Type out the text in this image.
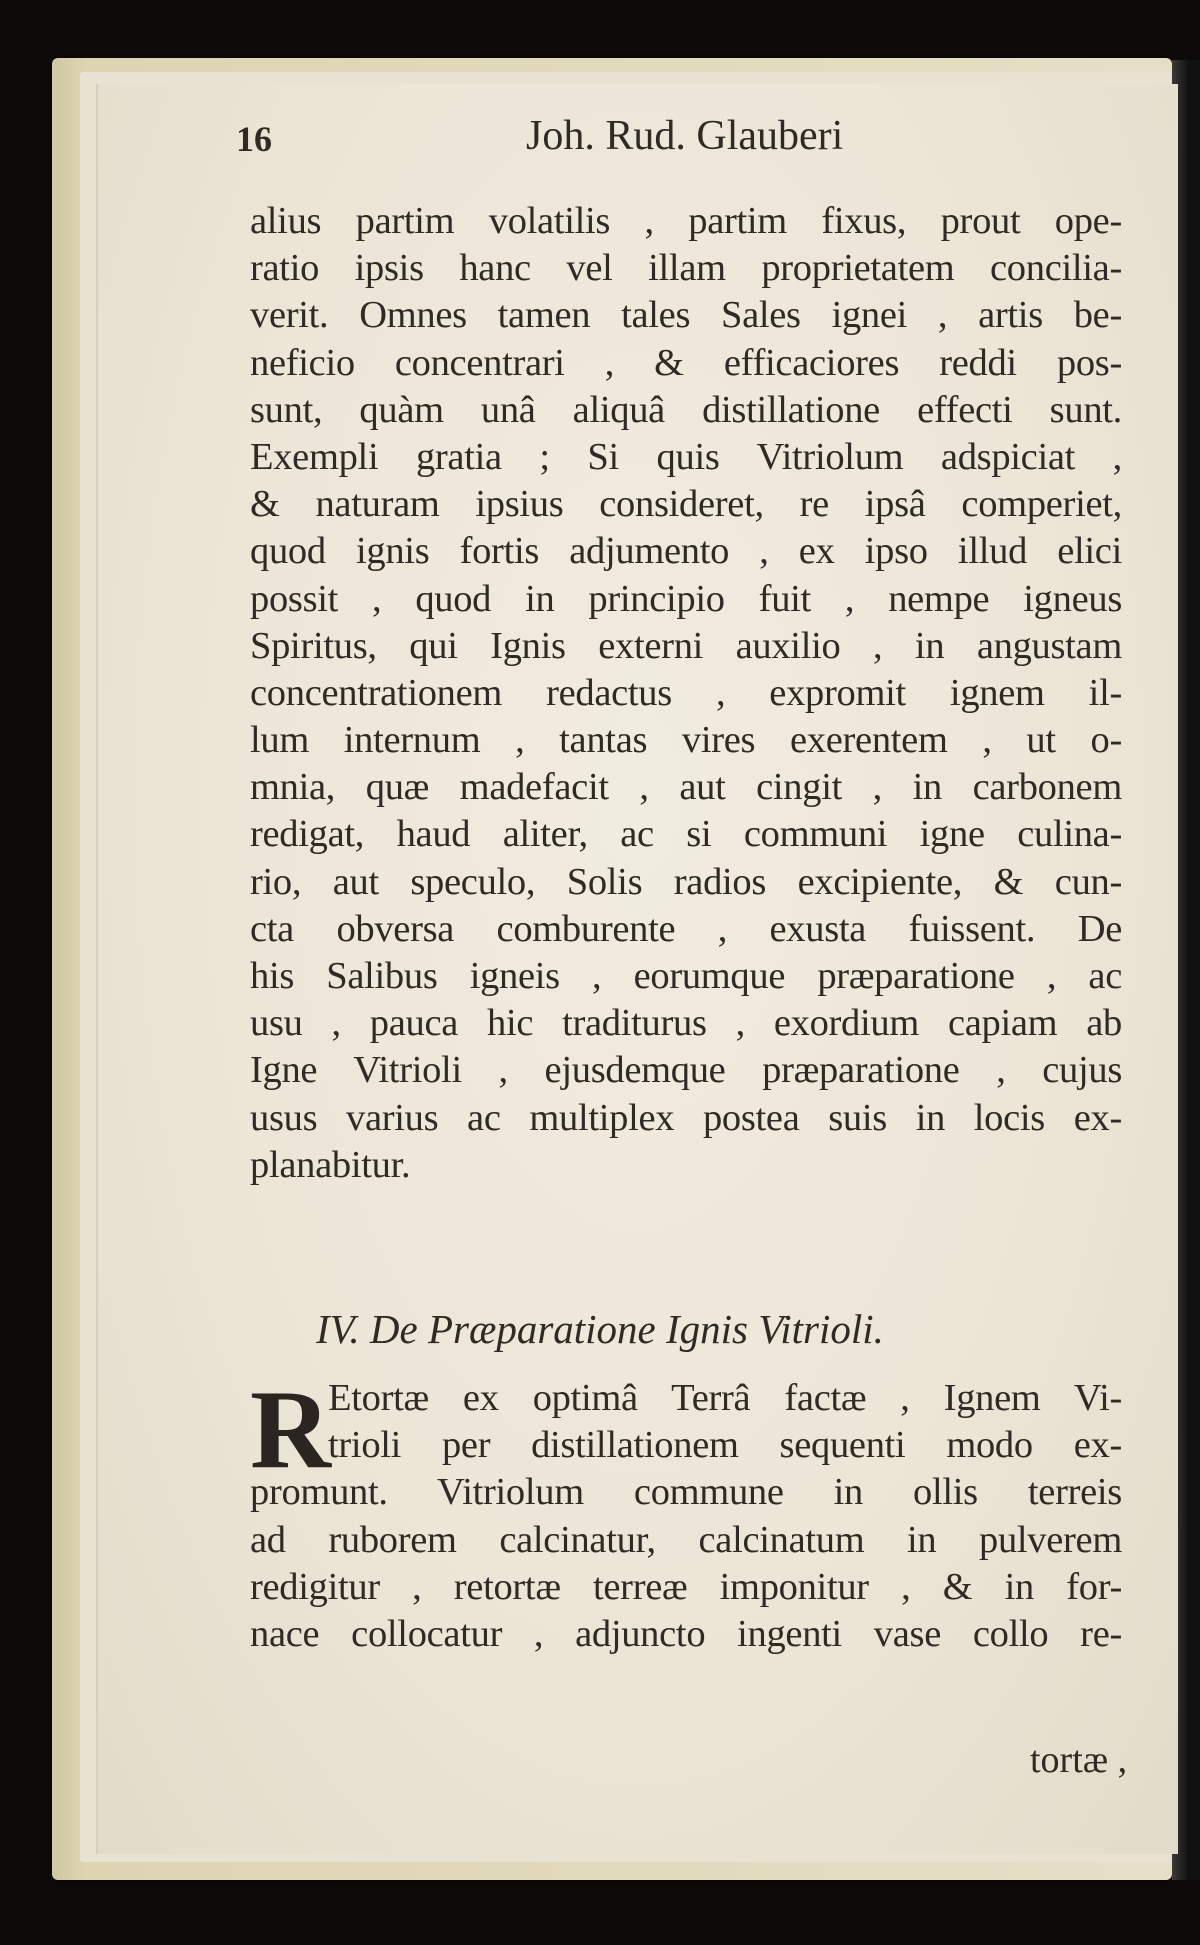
16	Joh. Rud. Glauberi
alius partim volatilis , partim fixus, prout ope-
ratio ipsis hanc vel illam proprietatem concilia-
verit. Omnes tamen tales Sales ignei , artis be-
neficio concentrari , & efficaciores reddi pos-
sunt, quàm unâ aliquâ distillatione effecti sunt.
Exempli gratia ; Si quis Vitriolum adspiciat ,
& naturam ipsius consideret, re ipsâ comperiet,
quod ignis fortis adjumento , ex ipso illud elici
possit , quod in principio fuit , nempe igneus
Spiritus, qui Ignis externi auxilio , in angustam
concentrationem redactus , expromit ignem il-
lum internum , tantas vires exerentem , ut o-
mnia, quæ madefacit , aut cingit , in carbonem
redigat, haud aliter, ac si communi igne culina-
rio, aut speculo, Solis radios excipiente, & cun-
cta obversa comburente , exusta fuissent. De
his Salibus igneis , eorumque præparatione , ac
usu , pauca hic traditurus , exordium capiam ab
Igne Vitrioli , ejusdemque præparatione , cujus
usus varius ac multiplex postea suis in locis ex-
planabitur.
IV. De Præparatione Ignis Vitrioli.
R
Etortæ ex optimâ Terrâ factæ , Ignem Vi-
trioli per distillationem sequenti modo ex-
promunt. Vitriolum commune in ollis terreis
ad ruborem calcinatur, calcinatum in pulverem
redigitur , retortæ terreæ imponitur , & in for-
nace collocatur , adjuncto ingenti vase collo re-
tortæ ,
